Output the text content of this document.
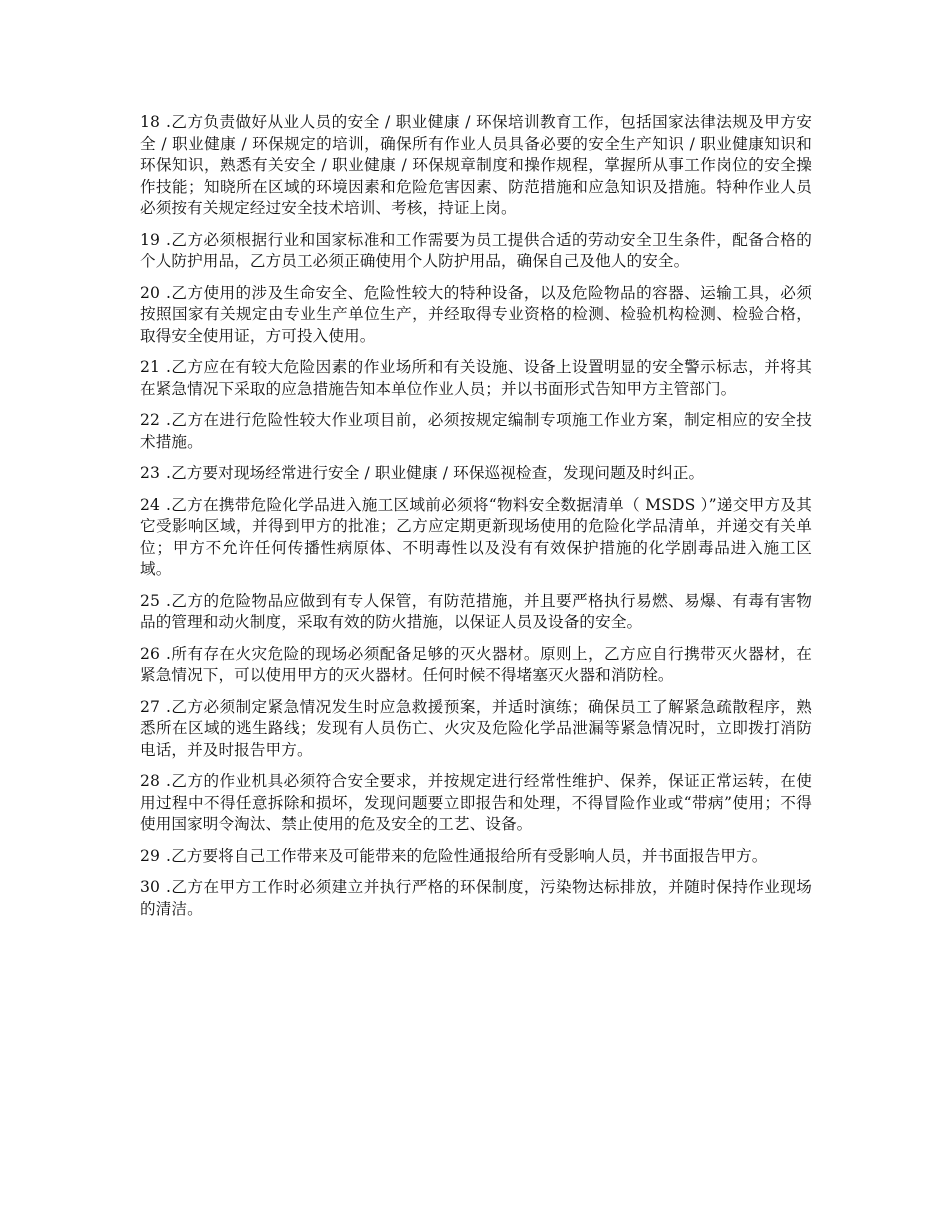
18 .乙方负责做好从业人员的安全 / 职业健康 / 环保培训教育工作，包括国家法律法规及甲方安全 / 职业健康 / 环保规定的培训，确保所有作业人员具备必要的安全生产知识 / 职业健康知识和环保知识，熟悉有关安全 / 职业健康 / 环保规章制度和操作规程，掌握所从事工作岗位的安全操作技能；知晓所在区域的环境因素和危险危害因素、防范措施和应急知识及措施。特种作业人员必须按有关规定经过安全技术培训、考核，持证上岗。

19 .乙方必须根据行业和国家标准和工作需要为员工提供合适的劳动安全卫生条件，配备合格的个人防护用品，乙方员工必须正确使用个人防护用品，确保自己及他人的安全。

20 .乙方使用的涉及生命安全、危险性较大的特种设备，以及危险物品的容器、运输工具，必须按照国家有关规定由专业生产单位生产，并经取得专业资格的检测、检验机构检测、检验合格，取得安全使用证，方可投入使用。

21 .乙方应在有较大危险因素的作业场所和有关设施、设备上设置明显的安全警示标志，并将其在紧急情况下采取的应急措施告知本单位作业人员；并以书面形式告知甲方主管部门。

22 .乙方在进行危险性较大作业项目前，必须按规定编制专项施工作业方案，制定相应的安全技术措施。

23 .乙方要对现场经常进行安全 / 职业健康 / 环保巡视检查，发现问题及时纠正。

24 .乙方在携带危险化学品进入施工区域前必须将“物料安全数据清单（ MSDS ）”递交甲方及其它受影响区域，并得到甲方的批准；乙方应定期更新现场使用的危险化学品清单，并递交有关单位；甲方不允许任何传播性病原体、不明毒性以及没有有效保护措施的化学剧毒品进入施工区域。

25 .乙方的危险物品应做到有专人保管，有防范措施，并且要严格执行易燃、易爆、有毒有害物品的管理和动火制度，采取有效的防火措施，以保证人员及设备的安全。

26 .所有存在火灾危险的现场必须配备足够的灭火器材。原则上，乙方应自行携带灭火器材，在紧急情况下，可以使用甲方的灭火器材。任何时候不得堵塞灭火器和消防栓。

27 .乙方必须制定紧急情况发生时应急救援预案，并适时演练；确保员工了解紧急疏散程序，熟悉所在区域的逃生路线；发现有人员伤亡、火灾及危险化学品泄漏等紧急情况时，立即拨打消防电话，并及时报告甲方。

28 .乙方的作业机具必须符合安全要求，并按规定进行经常性维护、保养，保证正常运转，在使用过程中不得任意拆除和损坏，发现问题要立即报告和处理，不得冒险作业或“带病”使用；不得使用国家明令淘汰、禁止使用的危及安全的工艺、设备。

29 .乙方要将自己工作带来及可能带来的危险性通报给所有受影响人员，并书面报告甲方。

30 .乙方在甲方工作时必须建立并执行严格的环保制度，污染物达标排放，并随时保持作业现场的清洁。
